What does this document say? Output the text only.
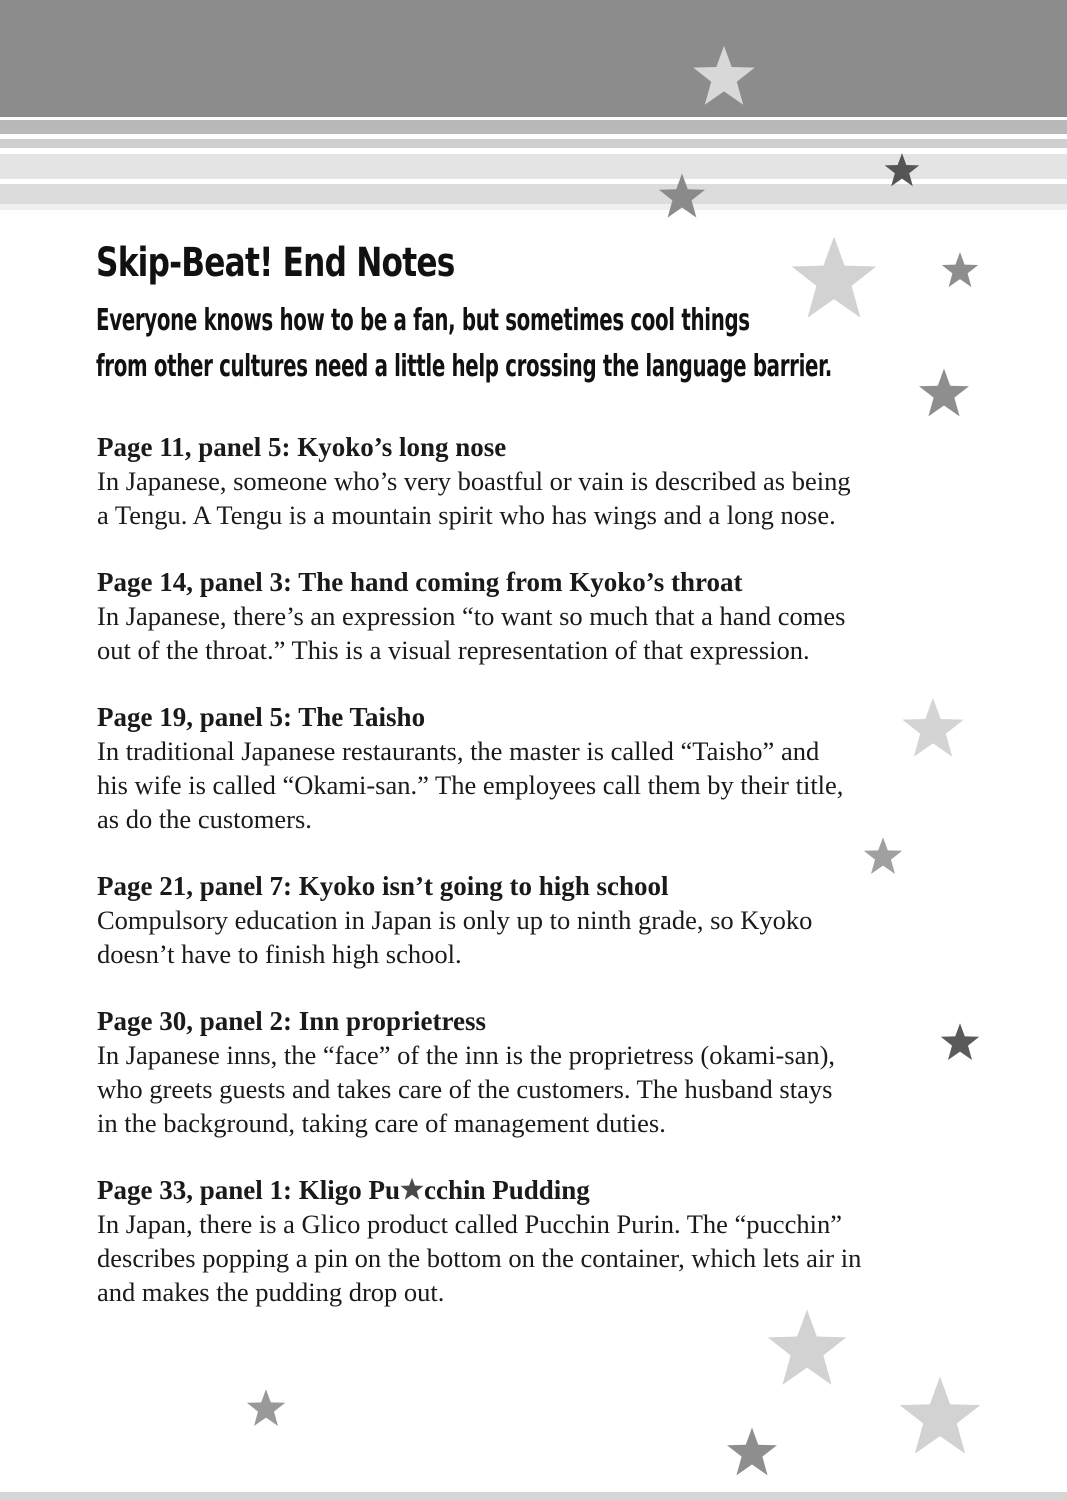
Skip-Beat! End Notes

Everyone knows how to be a fan, but sometimes cool things

from other cultures need a little help crossing the language barrier.

Page 11, panel 5: Kyoko’s long nose

In Japanese, someone who’s very boastful or vain is described as being

a Tengu. A Tengu is a mountain spirit who has wings and a long nose.

Page 14, panel 3: The hand coming from Kyoko’s throat

In Japanese, there’s an expression “to want so much that a hand comes

out of the throat.” This is a visual representation of that expression.

Page 19, panel 5: The Taisho

In traditional Japanese restaurants, the master is called “Taisho” and

his wife is called “Okami-san.” The employees call them by their title,

as do the customers.

Page 21, panel 7: Kyoko isn’t going to high school

Compulsory education in Japan is only up to ninth grade, so Kyoko

doesn’t have to finish high school.

Page 30, panel 2: Inn proprietress

In Japanese inns, the “face” of the inn is the proprietress (okami-san),

who greets guests and takes care of the customers. The husband stays

in the background, taking care of management duties.

Page 33, panel 1: Kligo Pu cchin Pudding

In Japan, there is a Glico product called Pucchin Purin. The “pucchin”

describes popping a pin on the bottom on the container, which lets air in

and makes the pudding drop out.
